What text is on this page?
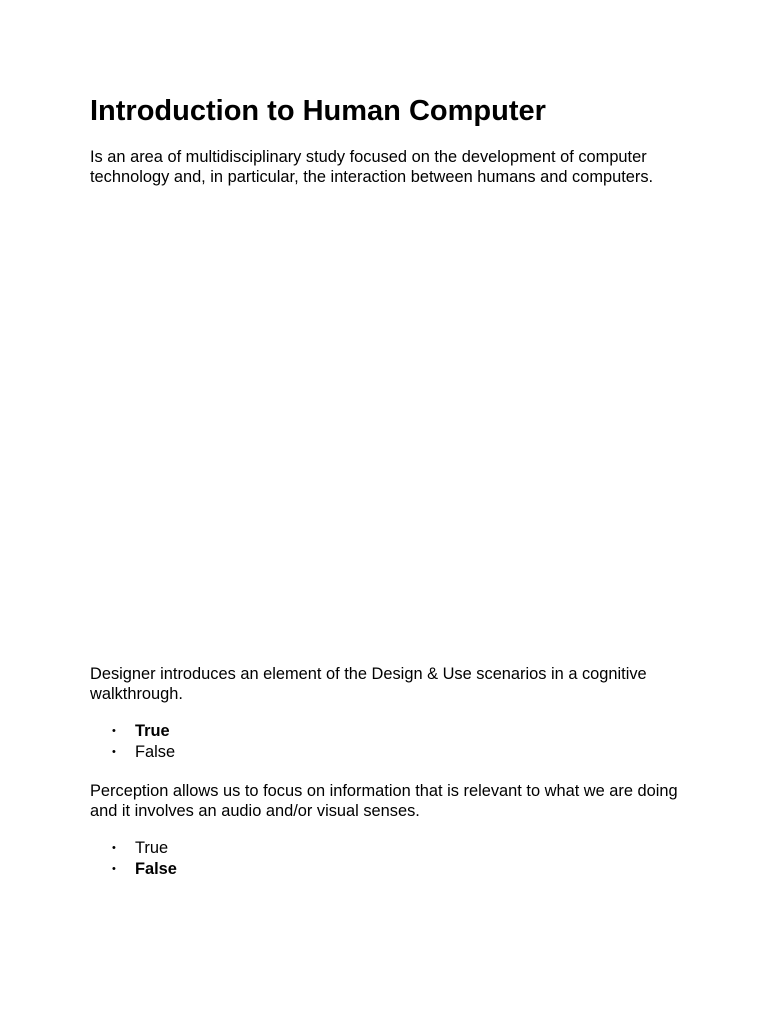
Introduction to Human Computer

Is an area of multidisciplinary study focused on the development of computer technology and, in particular, the interaction between humans and computers.

Designer introduces an element of the Design & Use scenarios in a cognitive walkthrough.

• True
• False

Perception allows us to focus on information that is relevant to what we are doing and it involves an audio and/or visual senses.

• True
• False
